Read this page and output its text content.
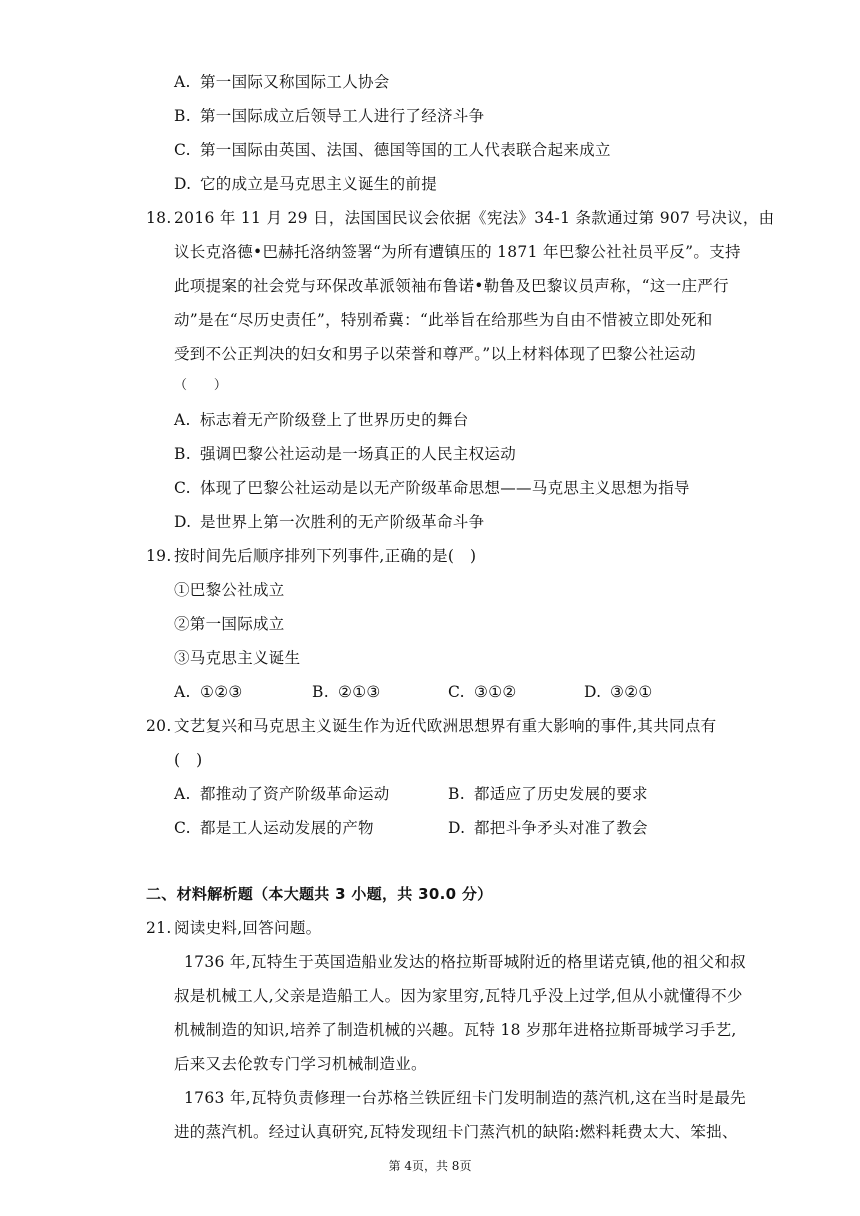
A. 第一国际又称国际工人协会
B. 第一国际成立后领导工人进行了经济斗争
C. 第一国际由英国、法国、德国等国的工人代表联合起来成立
D. 它的成立是马克思主义诞生的前提
18. 2016 年 11 月 29 日，法国国民议会依据《宪法》34-1 条款通过第 907 号决议，由
议长克洛德•巴赫托洛纳签署“为所有遭镇压的 1871 年巴黎公社社员平反”。支持
此项提案的社会党与环保改革派领袖布鲁诺•勒鲁及巴黎议员声称，“这一庄严行
动”是在“尽历史责任”，特别希冀：“此举旨在给那些为自由不惜被立即处死和
受到不公正判决的妇女和男子以荣誉和尊严。”以上材料体现了巴黎公社运动
（　　）
A. 标志着无产阶级登上了世界历史的舞台
B. 强调巴黎公社运动是一场真正的人民主权运动
C. 体现了巴黎公社运动是以无产阶级革命思想——马克思主义思想为指导
D. 是世界上第一次胜利的无产阶级革命斗争
19. 按时间先后顺序排列下列事件,正确的是(　)
①巴黎公社成立
②第一国际成立
③马克思主义诞生
A. ①②③	B. ②①③	C. ③①②	D. ③②①
20. 文艺复兴和马克思主义诞生作为近代欧洲思想界有重大影响的事件,其共同点有
(　)
A. 都推动了资产阶级革命运动	B. 都适应了历史发展的要求
C. 都是工人运动发展的产物	D. 都把斗争矛头对准了教会
二、材料解析题（本大题共 3 小题，共 30.0 分）
21. 阅读史料,回答问题。
1736 年,瓦特生于英国造船业发达的格拉斯哥城附近的格里诺克镇,他的祖父和叔
叔是机械工人,父亲是造船工人。因为家里穷,瓦特几乎没上过学,但从小就懂得不少
机械制造的知识,培养了制造机械的兴趣。瓦特 18 岁那年进格拉斯哥城学习手艺,
后来又去伦敦专门学习机械制造业。
1763 年,瓦特负责修理一台苏格兰铁匠纽卡门发明制造的蒸汽机,这在当时是最先
进的蒸汽机。经过认真研究,瓦特发现纽卡门蒸汽机的缺陷:燃料耗费太大、笨拙、
第 4页，共 8页
